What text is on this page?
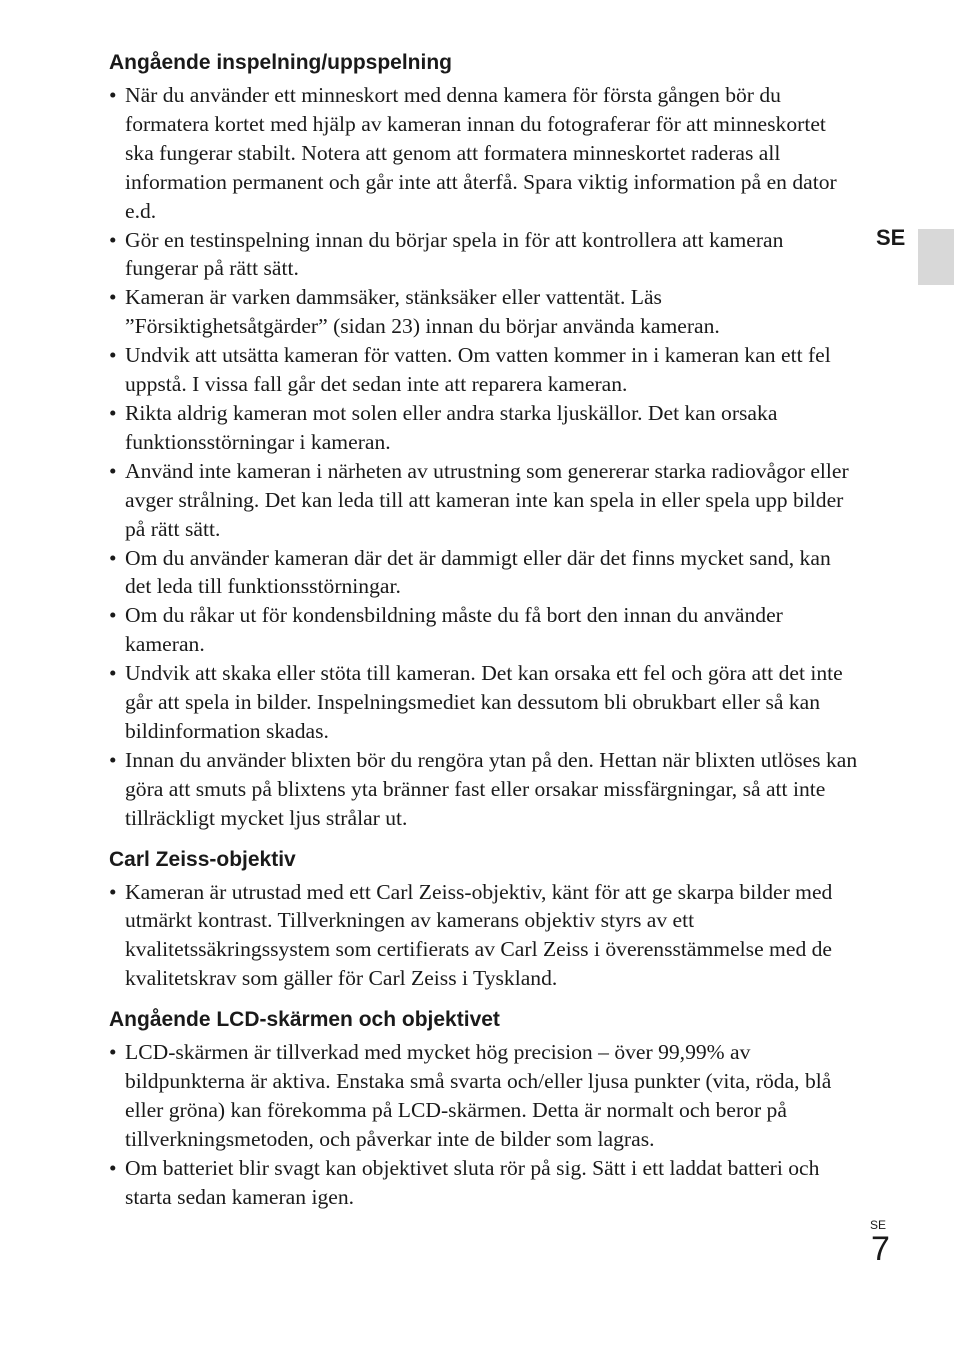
Angående inspelning/uppspelning
• När du använder ett minneskort med denna kamera för första gången bör du formatera kortet med hjälp av kameran innan du fotograferar för att minneskortet ska fungerar stabilt. Notera att genom att formatera minneskortet raderas all information permanent och går inte att återfå. Spara viktig information på en dator e.d.
• Gör en testinspelning innan du börjar spela in för att kontrollera att kameran fungerar på rätt sätt.
• Kameran är varken dammsäker, stänksäker eller vattentät. Läs ”Försiktighetsåtgärder” (sidan 23) innan du börjar använda kameran.
• Undvik att utsätta kameran för vatten. Om vatten kommer in i kameran kan ett fel uppstå. I vissa fall går det sedan inte att reparera kameran.
• Rikta aldrig kameran mot solen eller andra starka ljuskällor. Det kan orsaka funktionsstörningar i kameran.
• Använd inte kameran i närheten av utrustning som genererar starka radiovågor eller avger strålning. Det kan leda till att kameran inte kan spela in eller spela upp bilder på rätt sätt.
• Om du använder kameran där det är dammigt eller där det finns mycket sand, kan det leda till funktionsstörningar.
• Om du råkar ut för kondensbildning måste du få bort den innan du använder kameran.
• Undvik att skaka eller stöta till kameran. Det kan orsaka ett fel och göra att det inte går att spela in bilder. Inspelningsmediet kan dessutom bli obrukbart eller så kan bildinformation skadas.
• Innan du använder blixten bör du rengöra ytan på den. Hettan när blixten utlöses kan göra att smuts på blixtens yta bränner fast eller orsakar missfärgningar, så att inte tillräckligt mycket ljus strålar ut.
Carl Zeiss-objektiv
• Kameran är utrustad med ett Carl Zeiss-objektiv, känt för att ge skarpa bilder med utmärkt kontrast. Tillverkningen av kamerans objektiv styrs av ett kvalitetssäkringssystem som certifierats av Carl Zeiss i överensstämmelse med de kvalitetskrav som gäller för Carl Zeiss i Tyskland.
Angående LCD-skärmen och objektivet
• LCD-skärmen är tillverkad med mycket hög precision – över 99,99% av bildpunkterna är aktiva. Enstaka små svarta och/eller ljusa punkter (vita, röda, blå eller gröna) kan förekomma på LCD-skärmen. Detta är normalt och beror på tillverkningsmetoden, och påverkar inte de bilder som lagras.
• Om batteriet blir svagt kan objektivet sluta rör på sig. Sätt i ett laddat batteri och starta sedan kameran igen.
SE
SE
7
